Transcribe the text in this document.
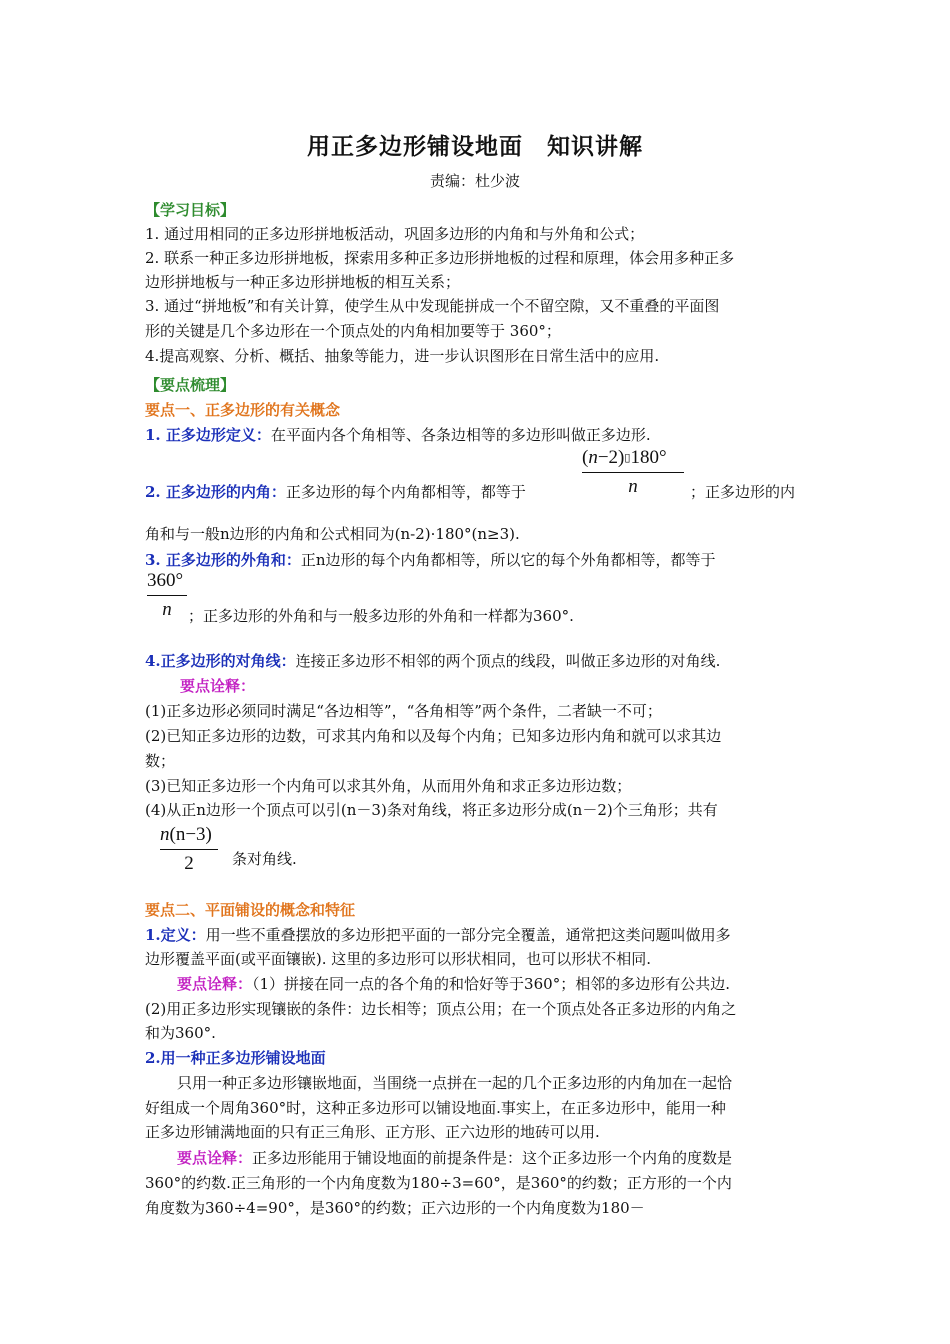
用正多边形铺设地面　知识讲解
责编：杜少波
【学习目标】
1. 通过用相同的正多边形拼地板活动，巩固多边形的内角和与外角和公式；
2. 联系一种正多边形拼地板，探索用多种正多边形拼地板的过程和原理，体会用多种正多
边形拼地板与一种正多边形拼地板的相互关系；
3. 通过“拼地板”和有关计算，使学生从中发现能拼成一个不留空隙，又不重叠的平面图
形的关键是几个多边形在一个顶点处的内角相加要等于 360°；
4.提高观察、分析、概括、抽象等能力，进一步认识图形在日常生活中的应用.
【要点梳理】
要点一、正多边形的有关概念
1. 正多边形定义：在平面内各个角相等、各条边相等的多边形叫做正多边形.
(n−2)▯180°
n
2. 正多边形的内角：正多边形的每个内角都相等，都等于	；正多边形的内
角和与一般n边形的内角和公式相同为(n-2)·180°(n≥3).
3. 正多边形的外角和：正n边形的每个内角都相等，所以它的每个外角都相等，都等于
360°
n	；正多边形的外角和与一般多边形的外角和一样都为360°.
4.正多边形的对角线：连接正多边形不相邻的两个顶点的线段，叫做正多边形的对角线.
要点诠释：
(1)正多边形必须同时满足“各边相等”，“各角相等”两个条件，二者缺一不可；
(2)已知正多边形的边数，可求其内角和以及每个内角；已知多边形内角和就可以求其边
数；
(3)已知正多边形一个内角可以求其外角，从而用外角和求正多边形边数；
(4)从正n边形一个顶点可以引(n－3)条对角线，将正多边形分成(n－2)个三角形；共有
n(n−3)
2	条对角线.
要点二、平面铺设的概念和特征
1.定义：用一些不重叠摆放的多边形把平面的一部分完全覆盖，通常把这类问题叫做用多
边形覆盖平面(或平面镶嵌). 这里的多边形可以形状相同，也可以形状不相同.
要点诠释：（1）拼接在同一点的各个角的和恰好等于360°；相邻的多边形有公共边.
(2)用正多边形实现镶嵌的条件：边长相等；顶点公用；在一个顶点处各正多边形的内角之
和为360°.
2.用一种正多边形铺设地面
只用一种正多边形镶嵌地面，当围绕一点拼在一起的几个正多边形的内角加在一起恰
好组成一个周角360°时，这种正多边形可以铺设地面.事实上，在正多边形中，能用一种
正多边形铺满地面的只有正三角形、正方形、正六边形的地砖可以用.
要点诠释：正多边形能用于铺设地面的前提条件是：这个正多边形一个内角的度数是
360°的约数.正三角形的一个内角度数为180÷3=60°，是360°的约数；正方形的一个内
角度数为360÷4=90°，是360°的约数；正六边形的一个内角度数为180－
